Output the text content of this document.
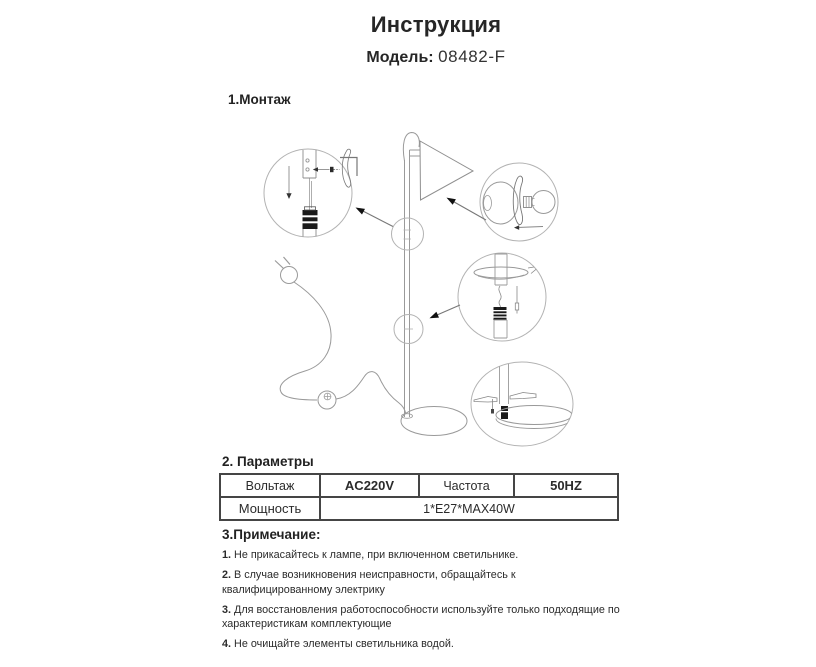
Инструкция
Модель: 08482-F
1.Монтаж
2. Параметры
Вольтаж	AC220V	Частота	50HZ
Мощность	1*E27*MAX40W		
3.Примечание:

1. Не прикасайтесь к лампе, при включенном светильнике.

2. В случае возникновения неисправности, обращайтесь к квалифицированному электрику

3. Для восстановления работоспособности используйте только подходящие по характеристикам комплектующие

4. Не очищайте элементы светильника водой.
